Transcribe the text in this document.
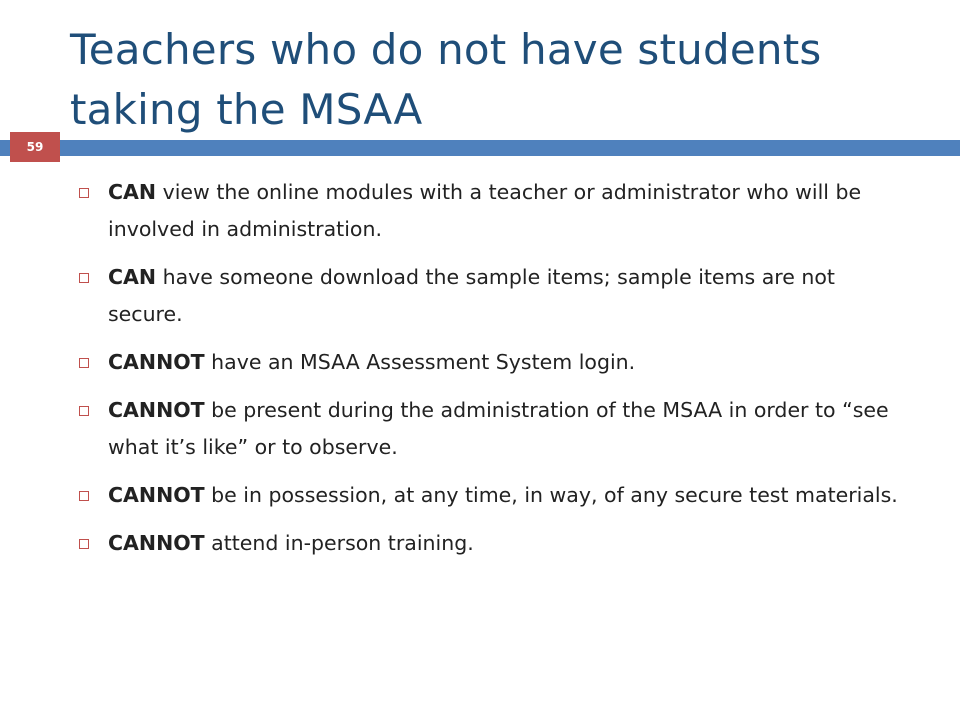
Teachers who do not have students taking the MSAA
59
CAN view the online modules with a teacher or administrator who will be involved in administration.
CAN have someone download the sample items; sample items are not secure.
CANNOT have an MSAA Assessment System login.
CANNOT be present during the administration of the MSAA in order to “see what it’s like” or to observe.
CANNOT be in possession, at any time, in way, of any secure test materials.
CANNOT attend in-person training.
